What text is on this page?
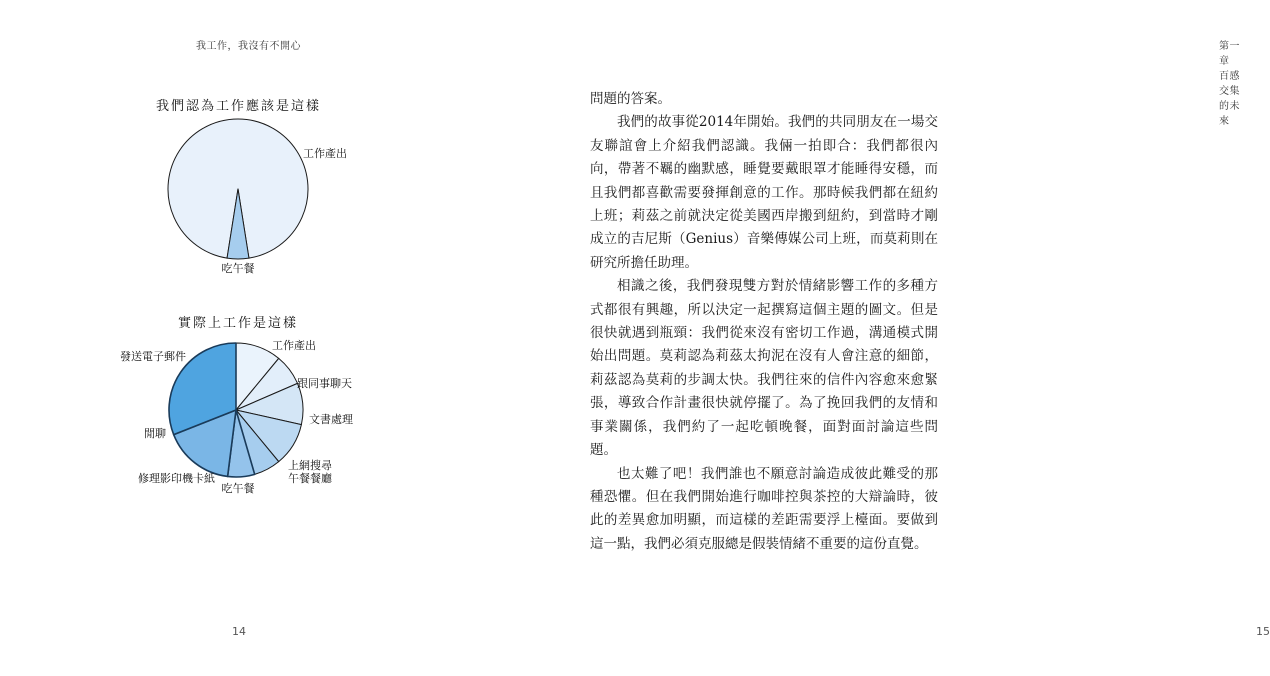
我工作，我沒有不開心
我們認為工作應該是這樣
實際上工作是這樣
工作產出
吃午餐
工作產出
跟同事聊天
文書處理
上網搜尋
午餐餐廳
吃午餐
修理影印機卡紙
閒聊
發送電子郵件
14
第一章　百感交集的未來
15

問題的答案。

我們的故事從2014年開始。我們的共同朋友在一場交友聯誼會上介紹我們認識。我倆一拍即合：我們都很內向，帶著不羈的幽默感，睡覺要戴眼罩才能睡得安穩，而且我們都喜歡需要發揮創意的工作。那時候我們都在紐約上班；莉茲之前就決定從美國西岸搬到紐約，到當時才剛成立的吉尼斯（Genius）音樂傳媒公司上班，而莫莉則在研究所擔任助理。

相識之後，我們發現雙方對於情緒影響工作的多種方式都很有興趣，所以決定一起撰寫這個主題的圖文。但是很快就遇到瓶頸：我們從來沒有密切工作過，溝通模式開始出問題。莫莉認為莉茲太拘泥在沒有人會注意的細節，莉茲認為莫莉的步調太快。我們往來的信件內容愈來愈緊張，導致合作計畫很快就停擺了。為了挽回我們的友情和事業關係，我們約了一起吃頓晚餐，面對面討論這些問題。

也太難了吧！我們誰也不願意討論造成彼此難受的那種恐懼。但在我們開始進行咖啡控與茶控的大辯論時，彼此的差異愈加明顯，而這樣的差距需要浮上檯面。要做到這一點，我們必須克服總是假裝情緒不重要的這份直覺。
